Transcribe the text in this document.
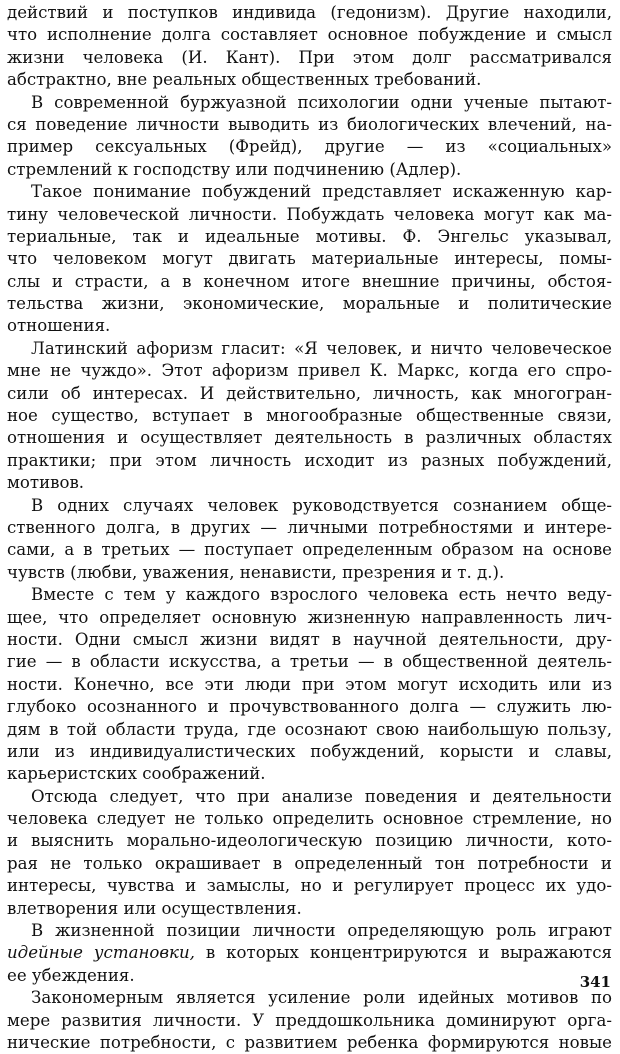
действий и поступков индивида (гедонизм). Другие находили,
что исполнение долга составляет основное побуждение и смысл
жизни человека (И. Кант). При этом долг рассматривался
абстрактно, вне реальных общественных требований.
В современной буржуазной психологии одни ученые пытают-
ся поведение личности выводить из биологических влечений, на-
пример сексуальных (Фрейд), другие — из «социальных»
стремлений к господству или подчинению (Адлер).
Такое понимание побуждений представляет искаженную кар-
тину человеческой личности. Побуждать человека могут как ма-
териальные, так и идеальные мотивы. Ф. Энгельс указывал,
что человеком могут двигать материальные интересы, помы-
слы и страсти, а в конечном итоге внешние причины, обстоя-
тельства жизни, экономические, моральные и политические
отношения.
Латинский афоризм гласит: «Я человек, и ничто человеческое
мне не чуждо». Этот афоризм привел К. Маркс, когда его спро-
сили об интересах. И действительно, личность, как многогран-
ное существо, вступает в многообразные общественные связи,
отношения и осуществляет деятельность в различных областях
практики; при этом личность исходит из разных побуждений,
мотивов.
В одних случаях человек руководствуется сознанием обще-
ственного долга, в других — личными потребностями и интере-
сами, а в третьих — поступает определенным образом на основе
чувств (любви, уважения, ненависти, презрения и т. д.).
Вместе с тем у каждого взрослого человека есть нечто веду-
щее, что определяет основную жизненную направленность лич-
ности. Одни смысл жизни видят в научной деятельности, дру-
гие — в области искусства, а третьи — в общественной деятель-
ности. Конечно, все эти люди при этом могут исходить или из
глубоко осознанного и прочувствованного долга — служить лю-
дям в той области труда, где осознают свою наибольшую пользу,
или из индивидуалистических побуждений, корысти и славы,
карьеристских соображений.
Отсюда следует, что при анализе поведения и деятельности
человека следует не только определить основное стремление, но
и выяснить морально-идеологическую позицию личности, кото-
рая не только окрашивает в определенный тон потребности и
интересы, чувства и замыслы, но и регулирует процесс их удо-
влетворения или осуществления.
В жизненной позиции личности определяющую роль играют
идейные установки, в которых концентрируются и выражаются
ее убеждения.
Закономерным является усиление роли идейных мотивов по
мере развития личности. У преддошкольника доминируют орга-
нические потребности, с развитием ребенка формируются новые
341
